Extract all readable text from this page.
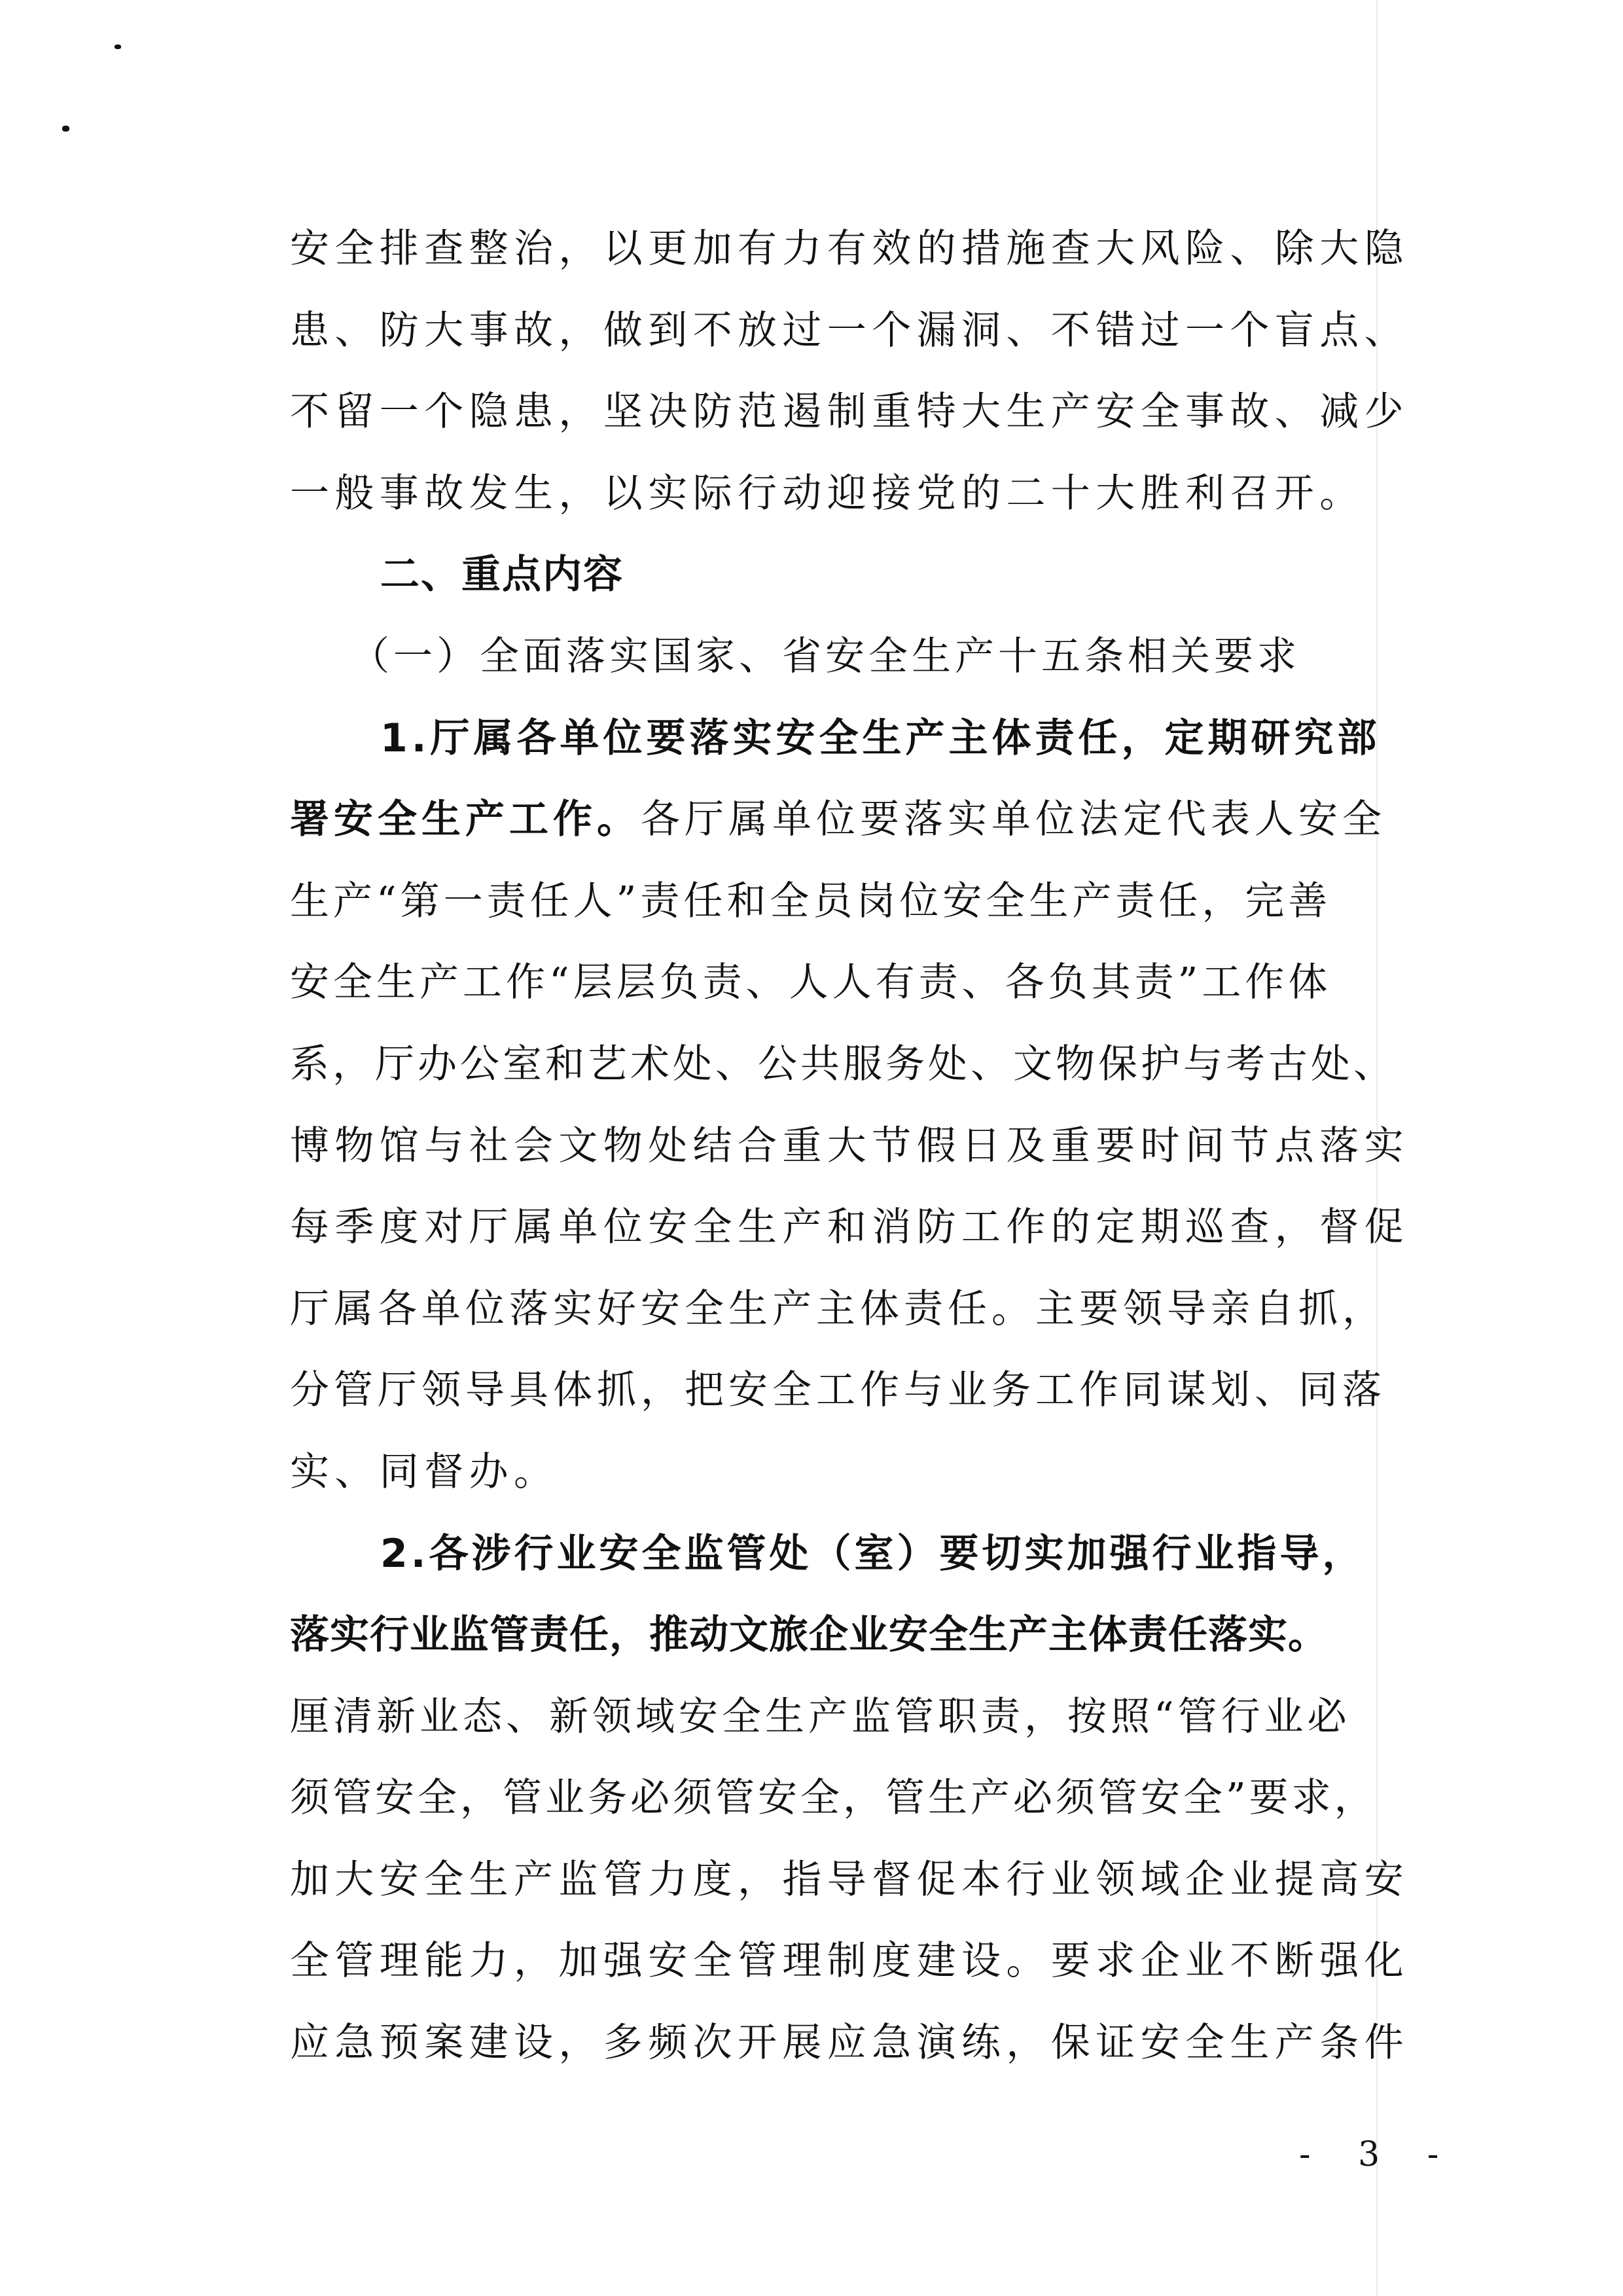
安全排查整治，以更加有力有效的措施查大风险、除大隐
患、防大事故，做到不放过一个漏洞、不错过一个盲点、
不留一个隐患，坚决防范遏制重特大生产安全事故、减少
一般事故发生，以实际行动迎接党的二十大胜利召开。
二、重点内容
（一）全面落实国家、省安全生产十五条相关要求
1.厅属各单位要落实安全生产主体责任，定期研究部
署安全生产工作。各厅属单位要落实单位法定代表人安全
生产“第一责任人”责任和全员岗位安全生产责任，完善
安全生产工作“层层负责、人人有责、各负其责”工作体
系，厅办公室和艺术处、公共服务处、文物保护与考古处、
博物馆与社会文物处结合重大节假日及重要时间节点落实
每季度对厅属单位安全生产和消防工作的定期巡查，督促
厅属各单位落实好安全生产主体责任。主要领导亲自抓，
分管厅领导具体抓，把安全工作与业务工作同谋划、同落
实、同督办。
2.各涉行业安全监管处（室）要切实加强行业指导，
落实行业监管责任，推动文旅企业安全生产主体责任落实。
厘清新业态、新领域安全生产监管职责，按照“管行业必
须管安全，管业务必须管安全，管生产必须管安全”要求，
加大安全生产监管力度，指导督促本行业领域企业提高安
全管理能力，加强安全管理制度建设。要求企业不断强化
应急预案建设，多频次开展应急演练，保证安全生产条件
- 3 -
